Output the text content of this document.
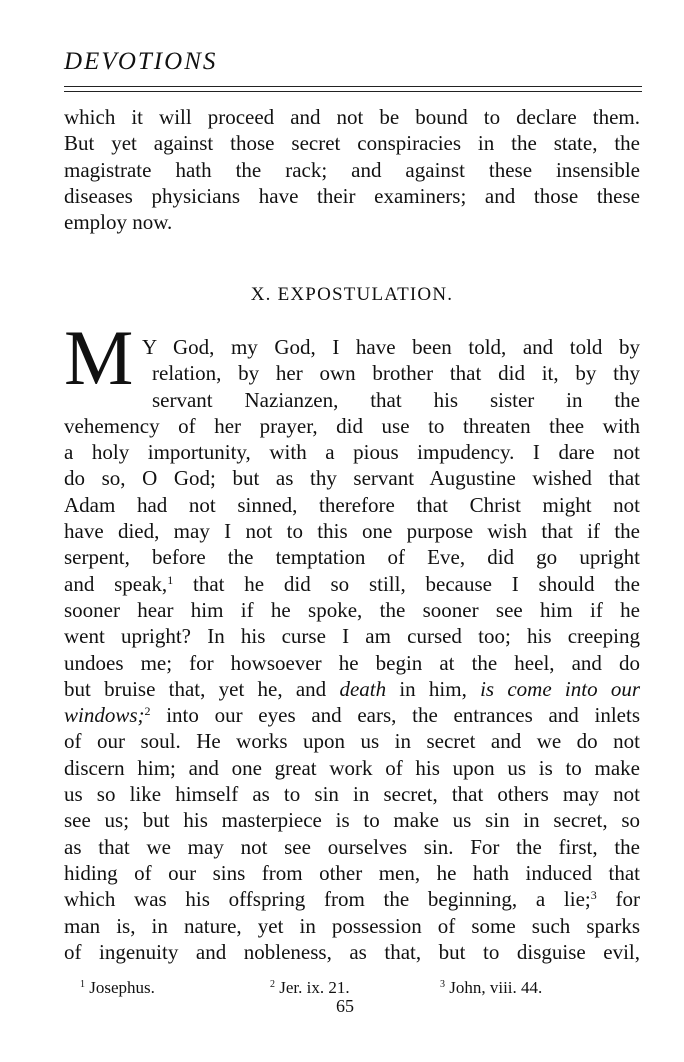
DEVOTIONS
which it will proceed and not be bound to declare them.
But yet against those secret conspiracies in the state, the
magistrate hath the rack; and against these insensible
diseases physicians have their examiners; and those these
employ now.
X. EXPOSTULATION.
M Y God, my God, I have been told, and told by
relation, by her own brother that did it, by thy
servant Nazianzen, that his sister in the
vehemency of her prayer, did use to threaten thee with
a holy importunity, with a pious impudency. I dare not
do so, O God; but as thy servant Augustine wished that
Adam had not sinned, therefore that Christ might not
have died, may I not to this one purpose wish that if the
serpent, before the temptation of Eve, did go upright
and speak,$^1$ that he did so still, because I should the
sooner hear him if he spoke, the sooner see him if he
went upright? In his curse I am cursed too; his creeping
undoes me; for howsoever he begin at the heel, and do
but bruise that, yet he, and death in him, is come into our
windows;$^2$ into our eyes and ears, the entrances and inlets
of our soul. He works upon us in secret and we do not
discern him; and one great work of his upon us is to make
us so like himself as to sin in secret, that others may not
see us; but his masterpiece is to make us sin in secret, so
as that we may not see ourselves sin. For the first, the
hiding of our sins from other men, he hath induced that
which was his offspring from the beginning, a lie;$^3$ for
man is, in nature, yet in possession of some such sparks
of ingenuity and nobleness, as that, but to disguise evil,
$^1$ Josephus.	$^2$ Jer. ix. 21.	$^3$ John, viii. 44.
65
